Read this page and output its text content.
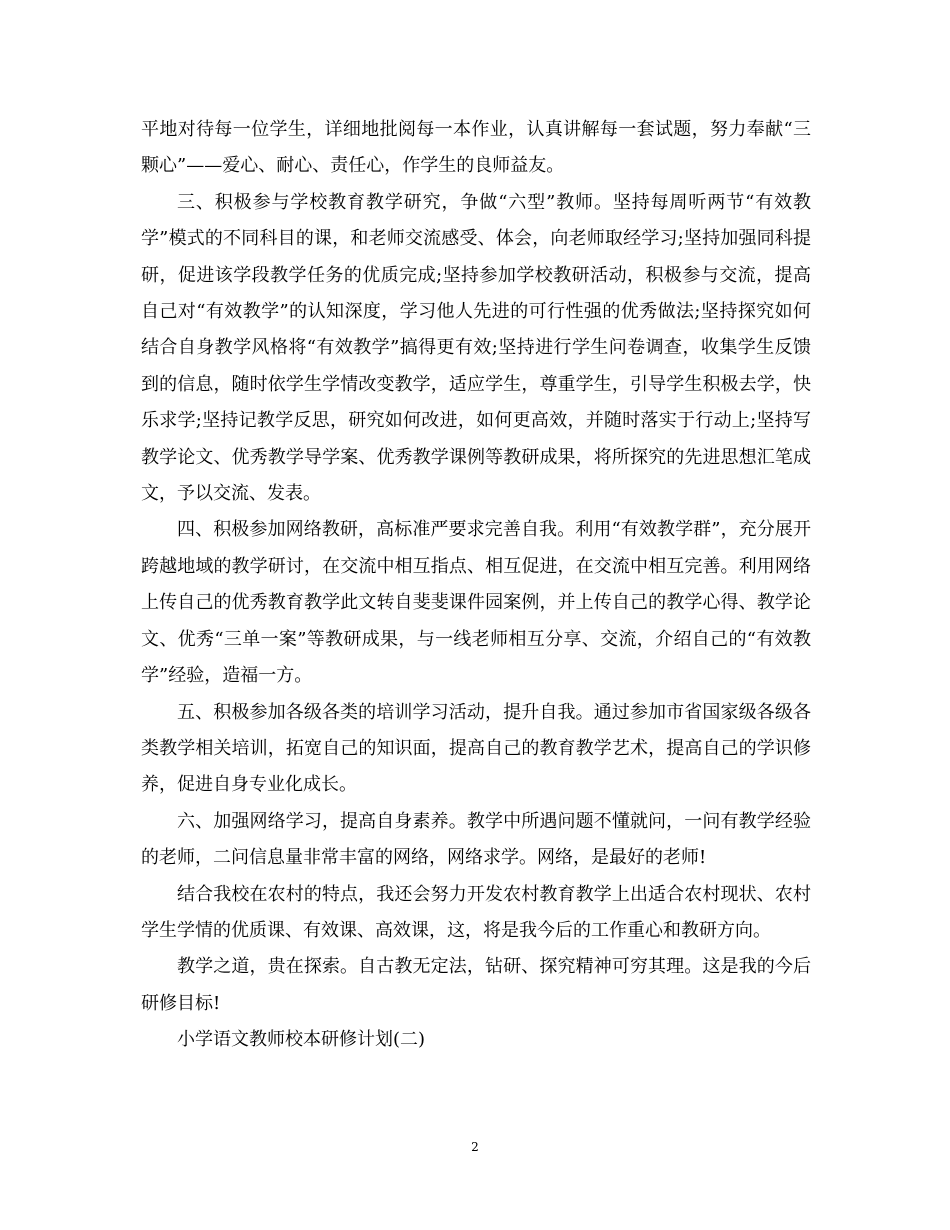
平地对待每一位学生，详细地批阅每一本作业，认真讲解每一套试题，努力奉献“三颗心”——爱心、耐心、责任心，作学生的良师益友。

三、积极参与学校教育教学研究，争做“六型”教师。坚持每周听两节“有效教学”模式的不同科目的课，和老师交流感受、体会，向老师取经学习;坚持加强同科提研，促进该学段教学任务的优质完成;坚持参加学校教研活动，积极参与交流，提高自己对“有效教学”的认知深度，学习他人先进的可行性强的优秀做法;坚持探究如何结合自身教学风格将“有效教学”搞得更有效;坚持进行学生问卷调查，收集学生反馈到的信息，随时依学生学情改变教学，适应学生，尊重学生，引导学生积极去学，快乐求学;坚持记教学反思，研究如何改进，如何更高效，并随时落实于行动上;坚持写教学论文、优秀教学导学案、优秀教学课例等教研成果，将所探究的先进思想汇笔成文，予以交流、发表。

四、积极参加网络教研，高标准严要求完善自我。利用“有效教学群”，充分展开跨越地域的教学研讨，在交流中相互指点、相互促进，在交流中相互完善。利用网络上传自己的优秀教育教学此文转自斐斐课件园案例，并上传自己的教学心得、教学论文、优秀“三单一案”等教研成果，与一线老师相互分享、交流，介绍自己的“有效教学”经验，造福一方。

五、积极参加各级各类的培训学习活动，提升自我。通过参加市省国家级各级各类教学相关培训，拓宽自己的知识面，提高自己的教育教学艺术，提高自己的学识修养，促进自身专业化成长。

六、加强网络学习，提高自身素养。教学中所遇问题不懂就问，一问有教学经验的老师，二问信息量非常丰富的网络，网络求学。网络，是最好的老师!

结合我校在农村的特点，我还会努力开发农村教育教学上出适合农村现状、农村学生学情的优质课、有效课、高效课，这，将是我今后的工作重心和教研方向。

教学之道，贵在探索。自古教无定法，钻研、探究精神可穷其理。这是我的今后研修目标!

小学语文教师校本研修计划(二)

2
